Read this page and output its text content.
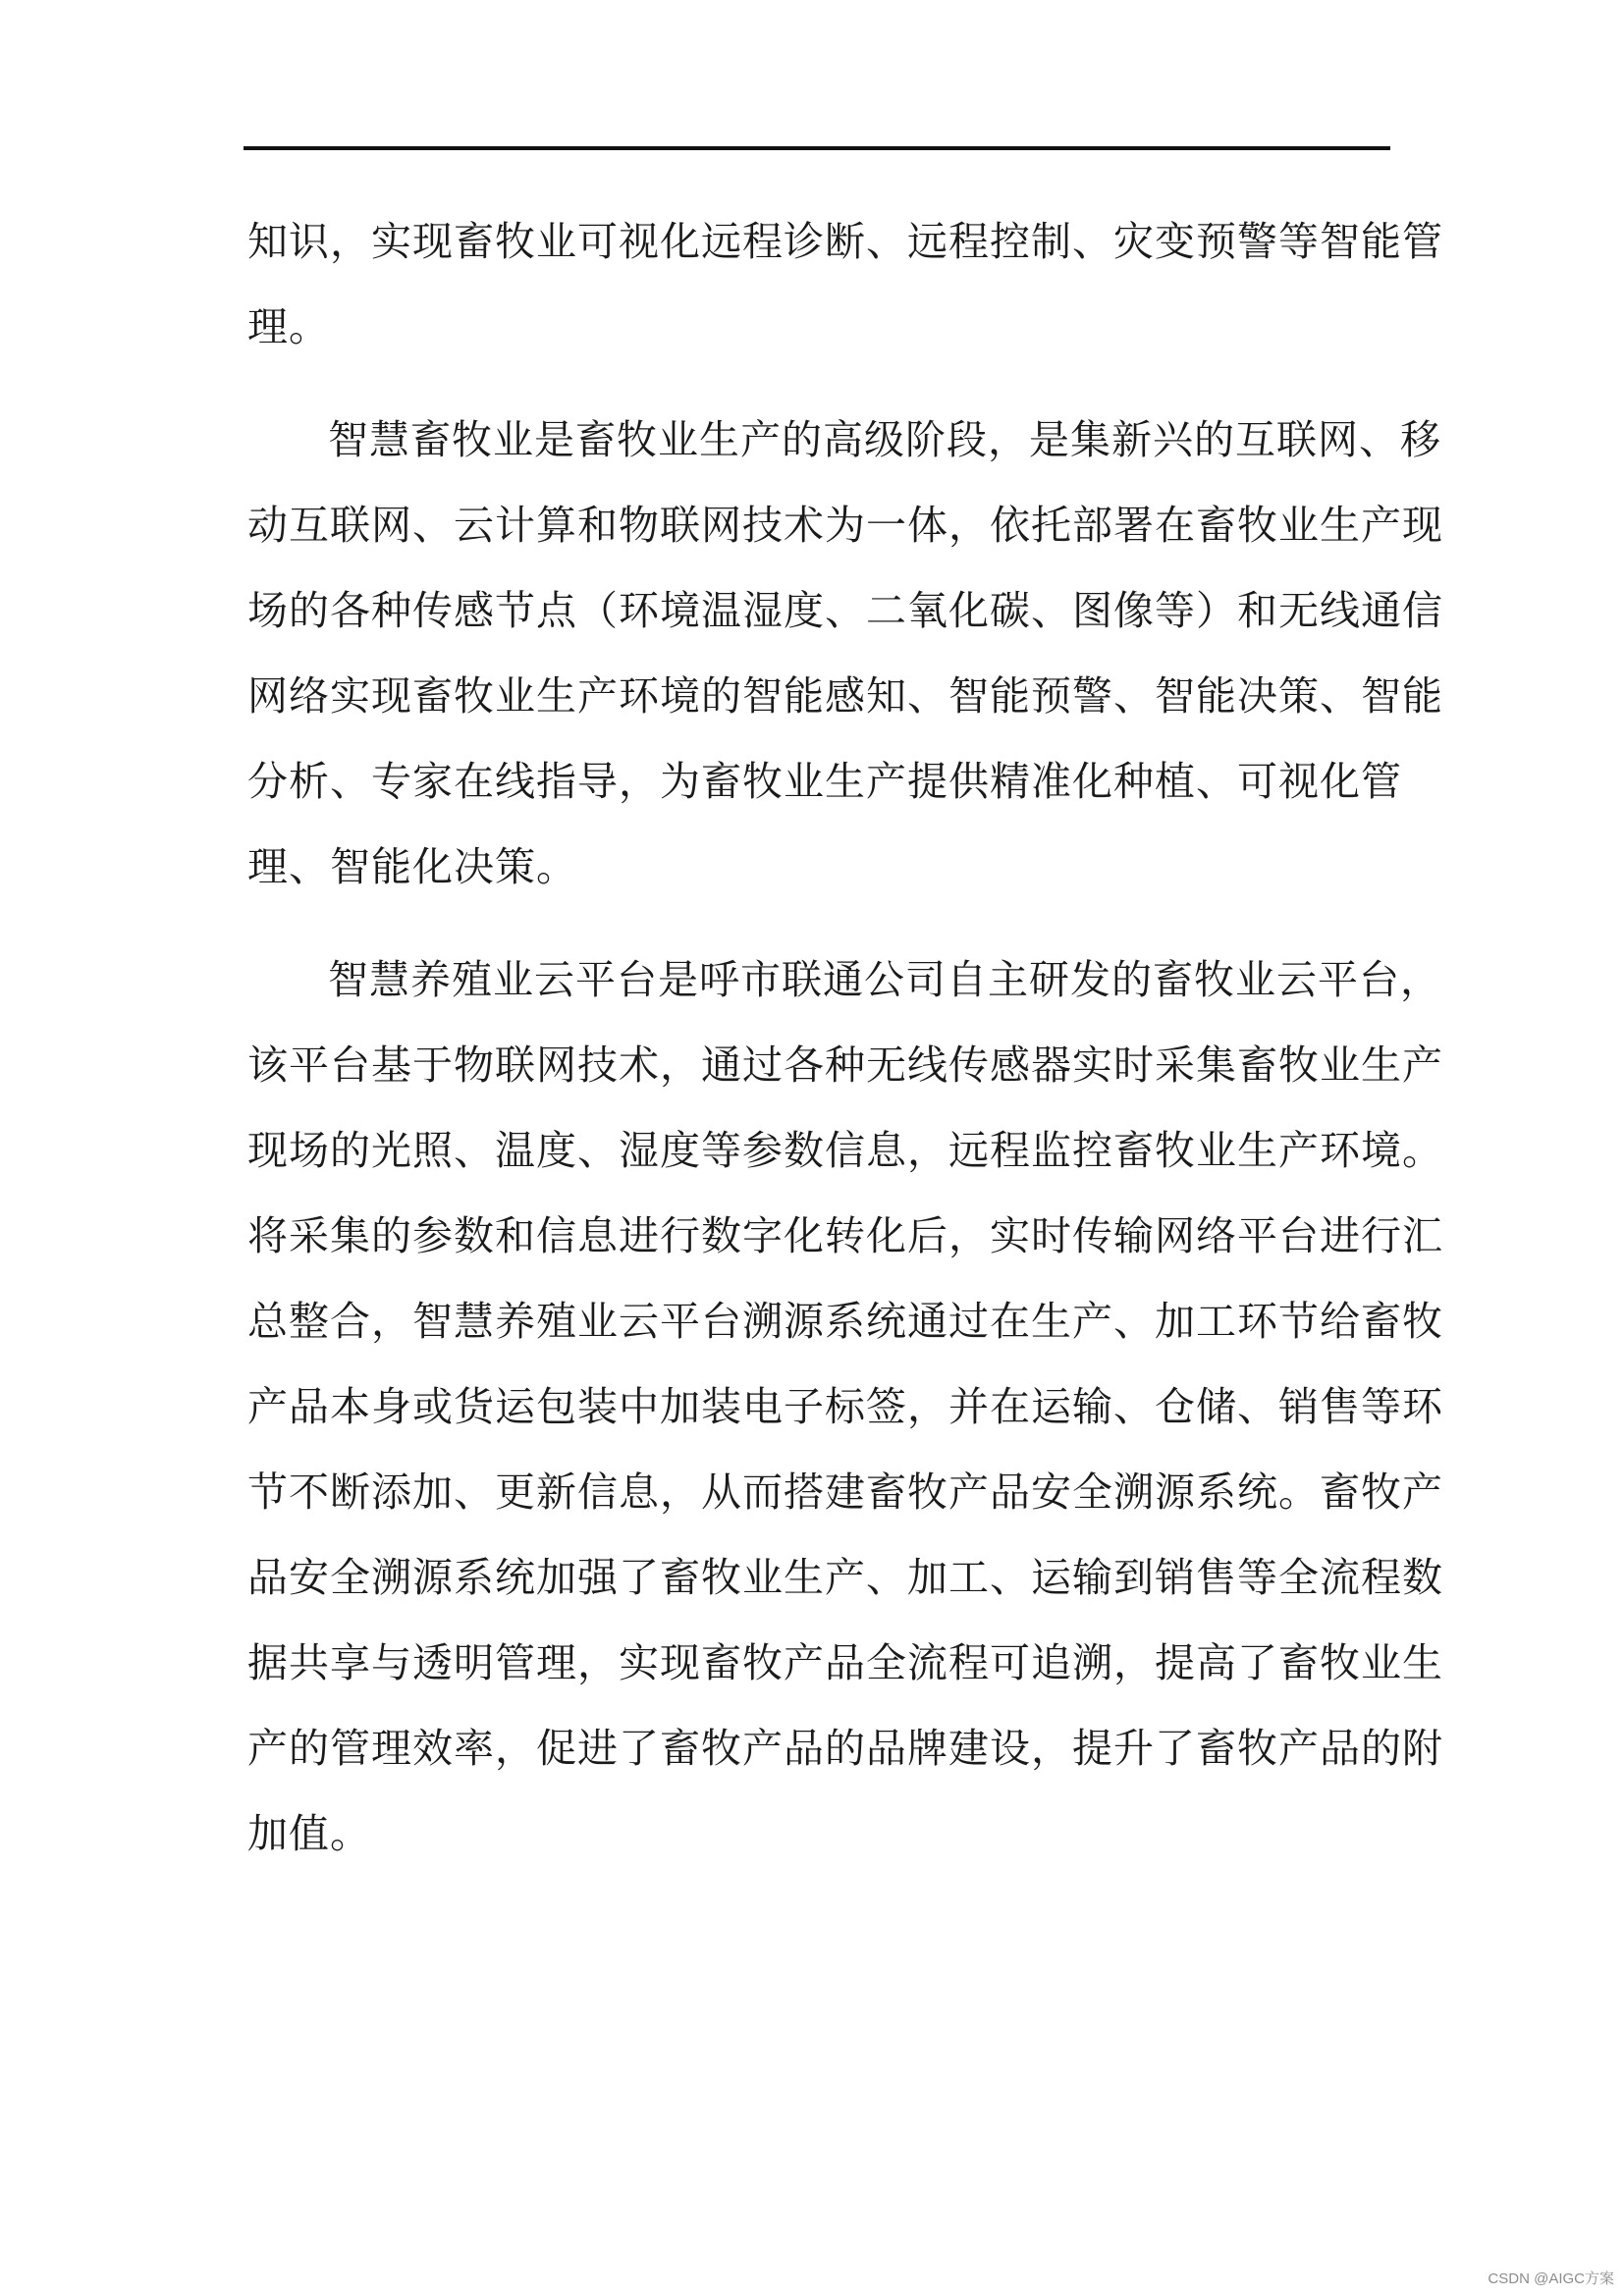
知识，实现畜牧业可视化远程诊断、远程控制、灾变预警等智能管
理。
智慧畜牧业是畜牧业生产的高级阶段，是集新兴的互联网、移
动互联网、云计算和物联网技术为一体，依托部署在畜牧业生产现
场的各种传感节点（环境温湿度、二氧化碳、图像等）和无线通信
网络实现畜牧业生产环境的智能感知、智能预警、智能决策、智能
分析、专家在线指导，为畜牧业生产提供精准化种植、可视化管
理、智能化决策。
智慧养殖业云平台是呼市联通公司自主研发的畜牧业云平台，
该平台基于物联网技术，通过各种无线传感器实时采集畜牧业生产
现场的光照、温度、湿度等参数信息，远程监控畜牧业生产环境。
将采集的参数和信息进行数字化转化后，实时传输网络平台进行汇
总整合，智慧养殖业云平台溯源系统通过在生产、加工环节给畜牧
产品本身或货运包装中加装电子标签，并在运输、仓储、销售等环
节不断添加、更新信息，从而搭建畜牧产品安全溯源系统。畜牧产
品安全溯源系统加强了畜牧业生产、加工、运输到销售等全流程数
据共享与透明管理，实现畜牧产品全流程可追溯，提高了畜牧业生
产的管理效率，促进了畜牧产品的品牌建设，提升了畜牧产品的附
加值。
CSDN @AIGC方案
